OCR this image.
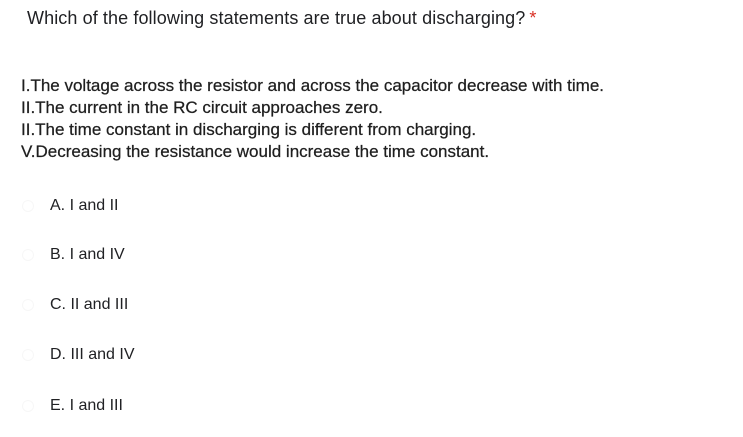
Which of the following statements are true about discharging? *
I.The voltage across the resistor and across the capacitor decrease with time.
II.The current in the RC circuit approaches zero.
II.The time constant in discharging is different from charging.
V.Decreasing the resistance would increase the time constant.
A. I and II
B. I and IV
C. II and III
D. III and IV
E. I and III
